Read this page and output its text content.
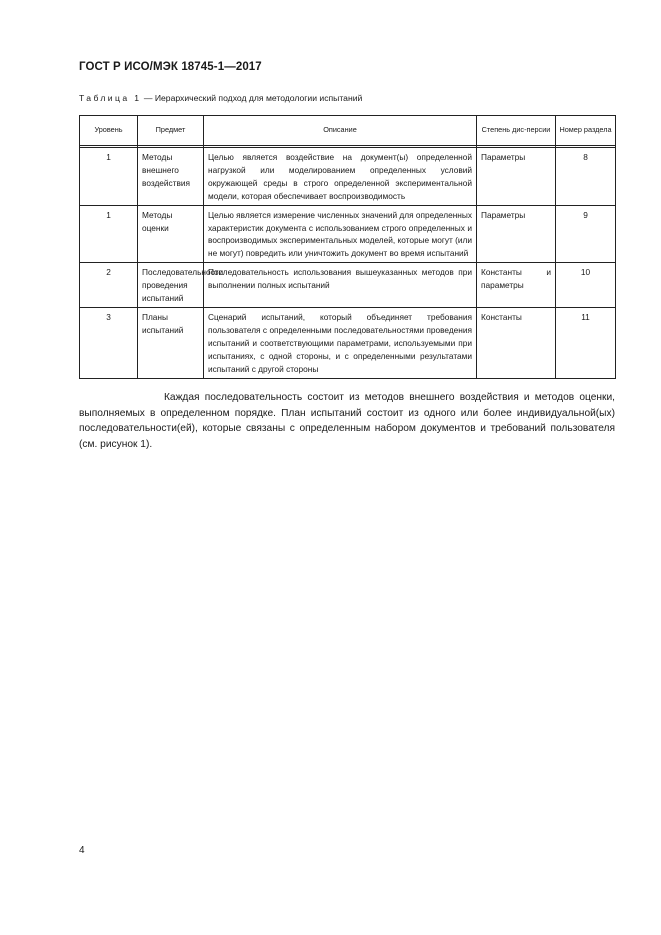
ГОСТ Р ИСО/МЭК 18745-1—2017
Таблица 1 — Иерархический подход для методологии испытаний
Уровень	Предмет	Описание	Степень дис-персии	Номер раздела

1	Методы внешнего воздействия	Целью является воздействие на документ(ы) определенной нагрузкой или моделированием определенных условий окружающей среды в строго определенной экспериментальной модели, которая обеспечивает воспроизводимость	Параметры	8
1	Методы оценки	Целью является измерение численных значений для определенных характеристик документа с использованием строго определенных и воспроизводимых экспериментальных моделей, которые могут (или не могут) повредить или уничтожить документ во время испытаний	Параметры	9
2	Последовательности проведения испытаний	Последовательность использования вышеуказанных методов при выполнении полных испытаний	Константы и параметры	10
3	Планы испытаний	Сценарий испытаний, который объединяет требования пользователя с определенными последовательностями проведения испытаний и соответствующими параметрами, используемыми при испытаниях, с одной стороны, и с определенными результатами испытаний с другой стороны	Константы	11

Каждая последовательность состоит из методов внешнего воздействия и методов оценки, выполняемых в определенном порядке. План испытаний состоит из одного или более индивидуальной(ых) последовательности(ей), которые связаны с определенным набором документов и требований пользователя (см. рисунок 1).

4
